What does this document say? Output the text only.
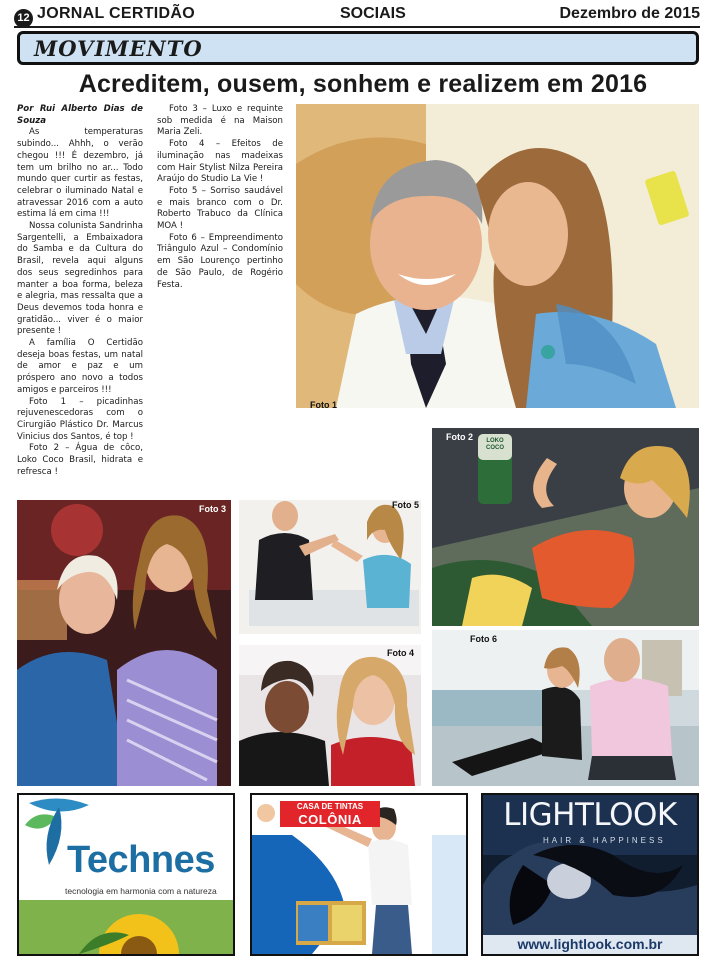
12 JORNAL CERTIDÃO	SOCIAIS	Dezembro de 2015
MOVIMENTO
Acreditem, ousem, sonhem e realizem em 2016

Por Rui Alberto Dias de Souza

As temperaturas subindo... Ahhh, o verão chegou !!! É dezembro, já tem um brilho no ar... Todo mundo quer curtir as festas, celebrar o iluminado Natal e atravessar 2016 com a auto estima lá em cima !!!

Nossa colunista Sandrinha Sargentelli, a Embaixadora do Samba e da Cultura do Brasil, revela aqui alguns dos seus segredinhos para manter a boa forma, beleza e alegria, mas ressalta que a Deus devemos toda honra e gratidão... viver é o maior presente !

A família O Certidão deseja boas festas, um natal de amor e paz e um próspero ano novo a todos amigos e parceiros !!!

Foto 1 – picadinhas rejuvenescedoras com o Cirurgião Plástico Dr. Marcus Vinicius dos Santos, é top !

Foto 2 – Água de côco, Loko Coco Brasil, hidrata e refresca !

Foto 3 – Luxo e requinte sob medida é na Maison Maria Zeli.

Foto 4 – Efeitos de iluminação nas madeixas com Hair Stylist Nilza Pereira Araújo do Studio La Vie !

Foto 5 – Sorriso saudável e mais branco com o Dr. Roberto Trabuco da Clínica MOA !

Foto 6 – Empreendimento Triângulo Azul – Condomínio em São Lourenço pertinho de São Paulo, de Rogério Festa.

Foto 1
LOKO COCO
Foto 2
Foto 3	Foto 5
Foto 4
Foto 6
Technes
tecnologia em harmonia com a natureza
CASA DE TINTAS
COLÔNIA	LIGHTLOOK
HAIR & HAPPINESS
www.lightlook.com.br
